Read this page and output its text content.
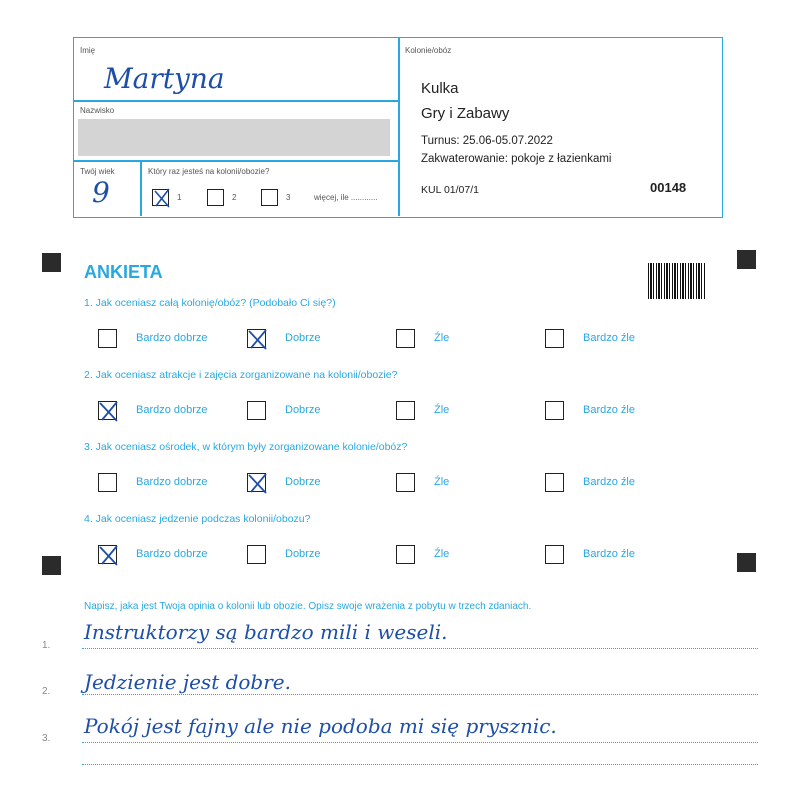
Imię
Martyna
Nazwisko
Twój wiek
9
Który raz jesteś na kolonii/obozie?
1	2	3	więcej, ile ............
Kolonie/obóz
Kulka
Gry i Zabawy
Turnus: 25.06-05.07.2022
Zakwaterowanie: pokoje z łazienkami
KUL 01/07/1	00148
ANKIETA
1. Jak oceniasz całą kolonię/obóz? (Podobało Ci się?)
Bardzo dobrze	Dobrze	Źle	Bardzo źle
2. Jak oceniasz atrakcje i zajęcia zorganizowane na kolonii/obozie?
Bardzo dobrze	Dobrze	Źle	Bardzo źle
3. Jak oceniasz ośrodek, w którym były zorganizowane kolonie/obóz?
Bardzo dobrze	Dobrze	Źle	Bardzo źle
4. Jak oceniasz jedzenie podczas kolonii/obozu?
Bardzo dobrze	Dobrze	Źle	Bardzo źle
Napisz, jaka jest Twoja opinia o kolonii lub obozie. Opisz swoje wrażenia z pobytu w trzech zdaniach.
1.
Instruktorzy są bardzo mili i weseli.
2. Jedzienie jest dobre.
3.
Pokój jest fajny ale nie podoba mi się prysznic.
